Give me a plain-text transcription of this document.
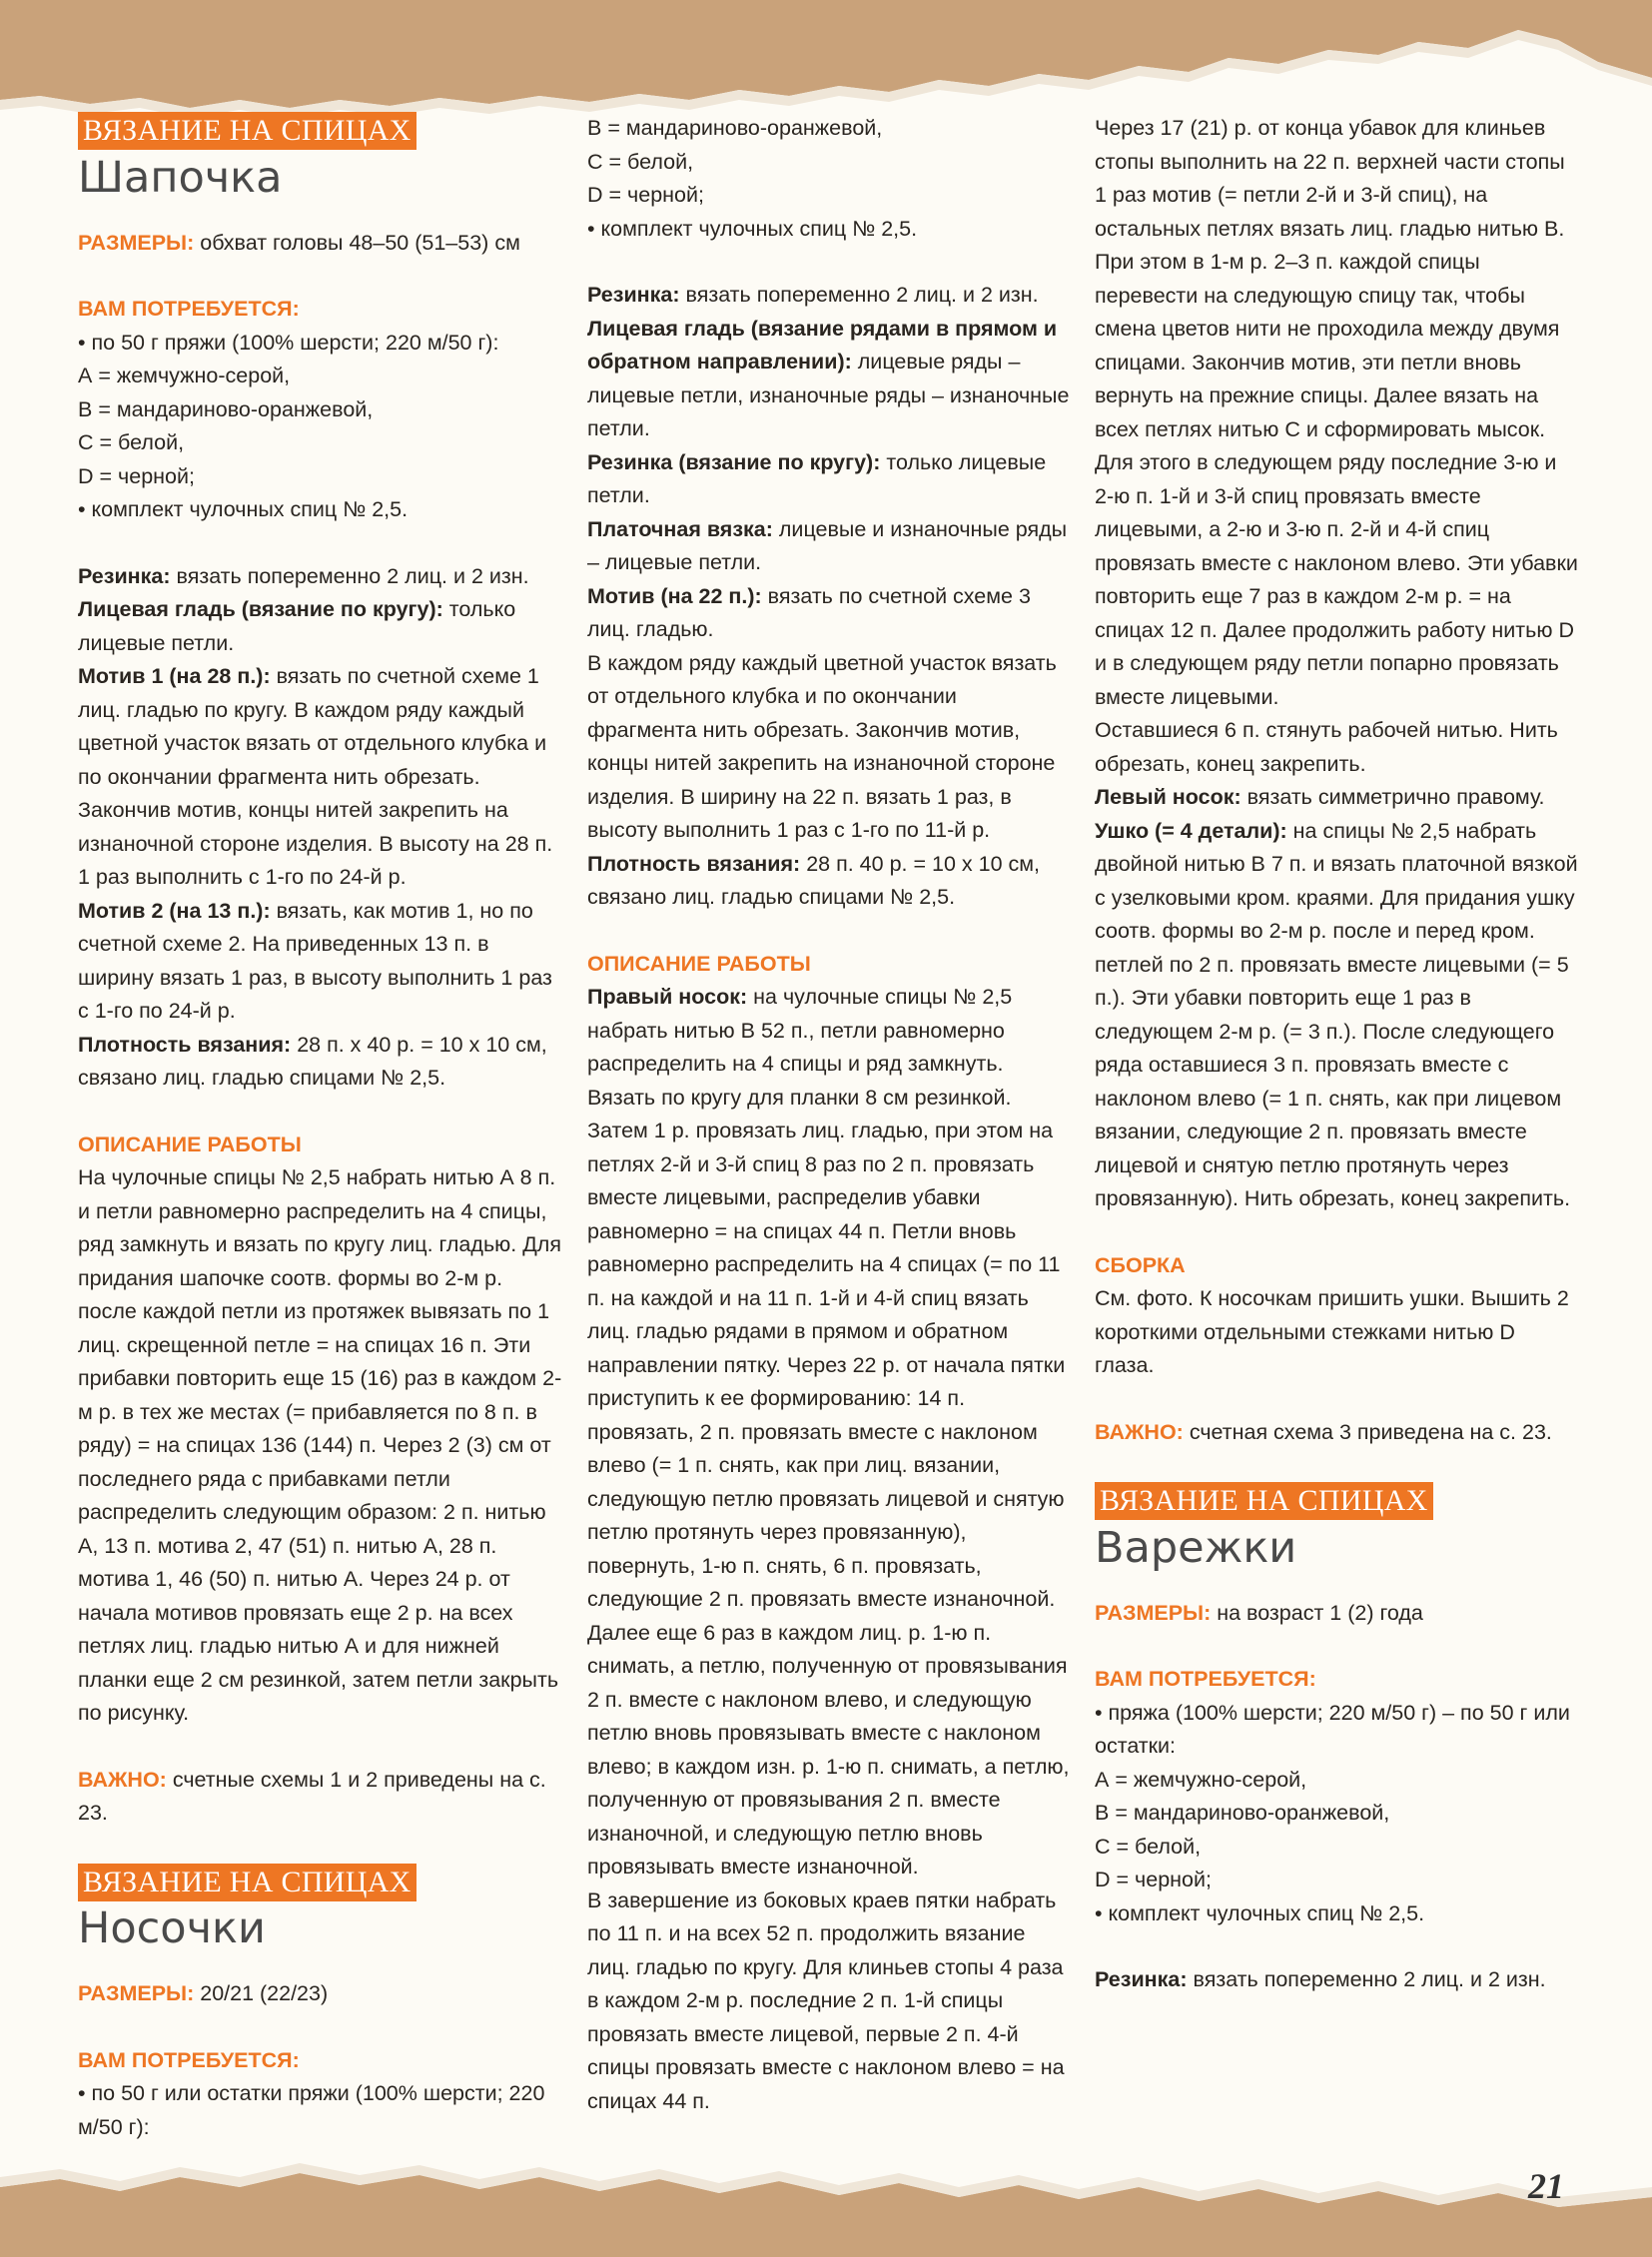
ВЯЗАНИЕ НА СПИЦАХ
Шапочка

РАЗМЕРЫ: обхват головы 48–50 (51–53) см

ВАМ ПОТРЕБУЕТСЯ:

• по 50 г пряжи (100% шерсти; 220 м/50 г):

А = жемчужно-серой,

В = мандариново-оранжевой,

С = белой,

D = черной;

• комплект чулочных спиц № 2,5.

Резинка: вязать попеременно 2 лиц. и 2 изн.

Лицевая гладь (вязание по кругу): только лицевые петли.

Мотив 1 (на 28 п.): вязать по счетной схеме 1 лиц. гладью по кругу. В каждом ряду каждый цветной участок вязать от отдельного клубка и по окончании фрагмента нить обрезать. Закончив мотив, концы нитей закрепить на изнаночной стороне изделия. В высоту на 28 п. 1 раз выполнить с 1-го по 24-й р.

Мотив 2 (на 13 п.): вязать, как мотив 1, но по счетной схеме 2. На приведенных 13 п. в ширину вязать 1 раз, в высоту выполнить 1 раз с 1-го по 24-й р.

Плотность вязания: 28 п. x 40 р. = 10 x 10 см, связано лиц. гладью спицами № 2,5.

ОПИСАНИЕ РАБОТЫ

На чулочные спицы № 2,5 набрать нитью А 8 п. и петли равномерно распределить на 4 спицы, ряд замкнуть и вязать по кругу лиц. гладью. Для придания шапочке соотв. формы во 2-м р. после каждой петли из протяжек вывязать по 1 лиц. скрещенной петле = на спицах 16 п. Эти прибавки повторить еще 15 (16) раз в каждом 2-м р. в тех же местах (= прибавляется по 8 п. в ряду) = на спицах 136 (144) п. Через 2 (3) см от последнего ряда с прибавками петли распределить следующим образом: 2 п. нитью А, 13 п. мотива 2, 47 (51) п. нитью А, 28 п. мотива 1, 46 (50) п. нитью А. Через 24 р. от начала мотивов провязать еще 2 р. на всех петлях лиц. гладью нитью А и для нижней планки еще 2 см резинкой, затем петли закрыть по рисунку.

ВАЖНО: счетные схемы 1 и 2 приведены на с. 23.

ВЯЗАНИЕ НА СПИЦАХ
Носочки

РАЗМЕРЫ: 20/21 (22/23)

ВАМ ПОТРЕБУЕТСЯ:

• по 50 г или остатки пряжи (100% шерсти; 220 м/50 г):

В = мандариново-оранжевой,

С = белой,

D = черной;

• комплект чулочных спиц № 2,5.

Резинка: вязать попеременно 2 лиц. и 2 изн.

Лицевая гладь (вязание рядами в прямом и обратном направлении): лицевые ряды – лицевые петли, изнаночные ряды – изнаночные петли.

Резинка (вязание по кругу): только лицевые петли.

Платочная вязка: лицевые и изнаночные ряды – лицевые петли.

Мотив (на 22 п.): вязать по счетной схеме 3 лиц. гладью.

В каждом ряду каждый цветной участок вязать от отдельного клубка и по окончании фрагмента нить обрезать. Закончив мотив, концы нитей закрепить на изнаночной стороне изделия. В ширину на 22 п. вязать 1 раз, в высоту выполнить 1 раз с 1-го по 11-й р.

Плотность вязания: 28 п. 40 р. = 10 x 10 см, связано лиц. гладью спицами № 2,5.

ОПИСАНИЕ РАБОТЫ

Правый носок: на чулочные спицы № 2,5 набрать нитью В 52 п., петли равномерно распределить на 4 спицы и ряд замкнуть. Вязать по кругу для планки 8 см резинкой. Затем 1 р. провязать лиц. гладью, при этом на петлях 2-й и 3-й спиц 8 раз по 2 п. провязать вместе лицевыми, распределив убавки равномерно = на спицах 44 п. Петли вновь равномерно распределить на 4 спицах (= по 11 п. на каждой и на 11 п. 1-й и 4-й спиц вязать лиц. гладью рядами в прямом и обратном направлении пятку. Через 22 р. от начала пятки приступить к ее формированию: 14 п. провязать, 2 п. провязать вместе с наклоном влево (= 1 п. снять, как при лиц. вязании, следующую петлю провязать лицевой и снятую петлю протянуть через провязанную), повернуть, 1-ю п. снять, 6 п. провязать, следующие 2 п. провязать вместе изнаночной. Далее еще 6 раз в каждом лиц. р. 1-ю п. снимать, а петлю, полученную от провязывания 2 п. вместе с наклоном влево, и следующую петлю вновь провязывать вместе с наклоном влево; в каждом изн. р. 1-ю п. снимать, а петлю, полученную от провязывания 2 п. вместе изнаночной, и следующую петлю вновь провязывать вместе изнаночной.

В завершение из боковых краев пятки набрать по 11 п. и на всех 52 п. продолжить вязание лиц. гладью по кругу. Для клиньев стопы 4 раза в каждом 2-м р. последние 2 п. 1-й спицы провязать вместе лицевой, первые 2 п. 4-й спицы провязать вместе с наклоном влево = на спицах 44 п.

Через 17 (21) р. от конца убавок для клиньев стопы выполнить на 22 п. верхней части стопы 1 раз мотив (= петли 2-й и 3-й спиц), на остальных петлях вязать лиц. гладью нитью В. При этом в 1-м р. 2–3 п. каждой спицы перевести на следующую спицу так, чтобы смена цветов нити не проходила между двумя спицами. Закончив мотив, эти петли вновь вернуть на прежние спицы. Далее вязать на всех петлях нитью С и сформировать мысок. Для этого в следующем ряду последние 3-ю и 2-ю п. 1-й и 3-й спиц провязать вместе лицевыми, а 2-ю и 3-ю п. 2-й и 4-й спиц провязать вместе с наклоном влево. Эти убавки повторить еще 7 раз в каждом 2-м р. = на спицах 12 п. Далее продолжить работу нитью D и в следующем ряду петли попарно провязать вместе лицевыми.

Оставшиеся 6 п. стянуть рабочей нитью. Нить обрезать, конец закрепить.

Левый носок: вязать симметрично правому.

Ушко (= 4 детали): на спицы № 2,5 набрать двойной нитью В 7 п. и вязать платочной вязкой с узелковыми кром. краями. Для придания ушку соотв. формы во 2-м р. после и перед кром. петлей по 2 п. провязать вместе лицевыми (= 5 п.). Эти убавки повторить еще 1 раз в следующем 2-м р. (= 3 п.). После следующего ряда оставшиеся 3 п. провязать вместе с наклоном влево (= 1 п. снять, как при лицевом вязании, следующие 2 п. провязать вместе лицевой и снятую петлю протянуть через провязанную). Нить обрезать, конец закрепить.

СБОРКА

См. фото. К носочкам пришить ушки. Вышить 2 короткими отдельными стежками нитью D глаза.

ВАЖНО: счетная схема 3 приведена на с. 23.

ВЯЗАНИЕ НА СПИЦАХ
Варежки

РАЗМЕРЫ: на возраст 1 (2) года

ВАМ ПОТРЕБУЕТСЯ:

• пряжа (100% шерсти; 220 м/50 г) – по 50 г или остатки:

А = жемчужно-серой,

В = мандариново-оранжевой,

С = белой,

D = черной;

• комплект чулочных спиц № 2,5.

Резинка: вязать попеременно 2 лиц. и 2 изн.

21
